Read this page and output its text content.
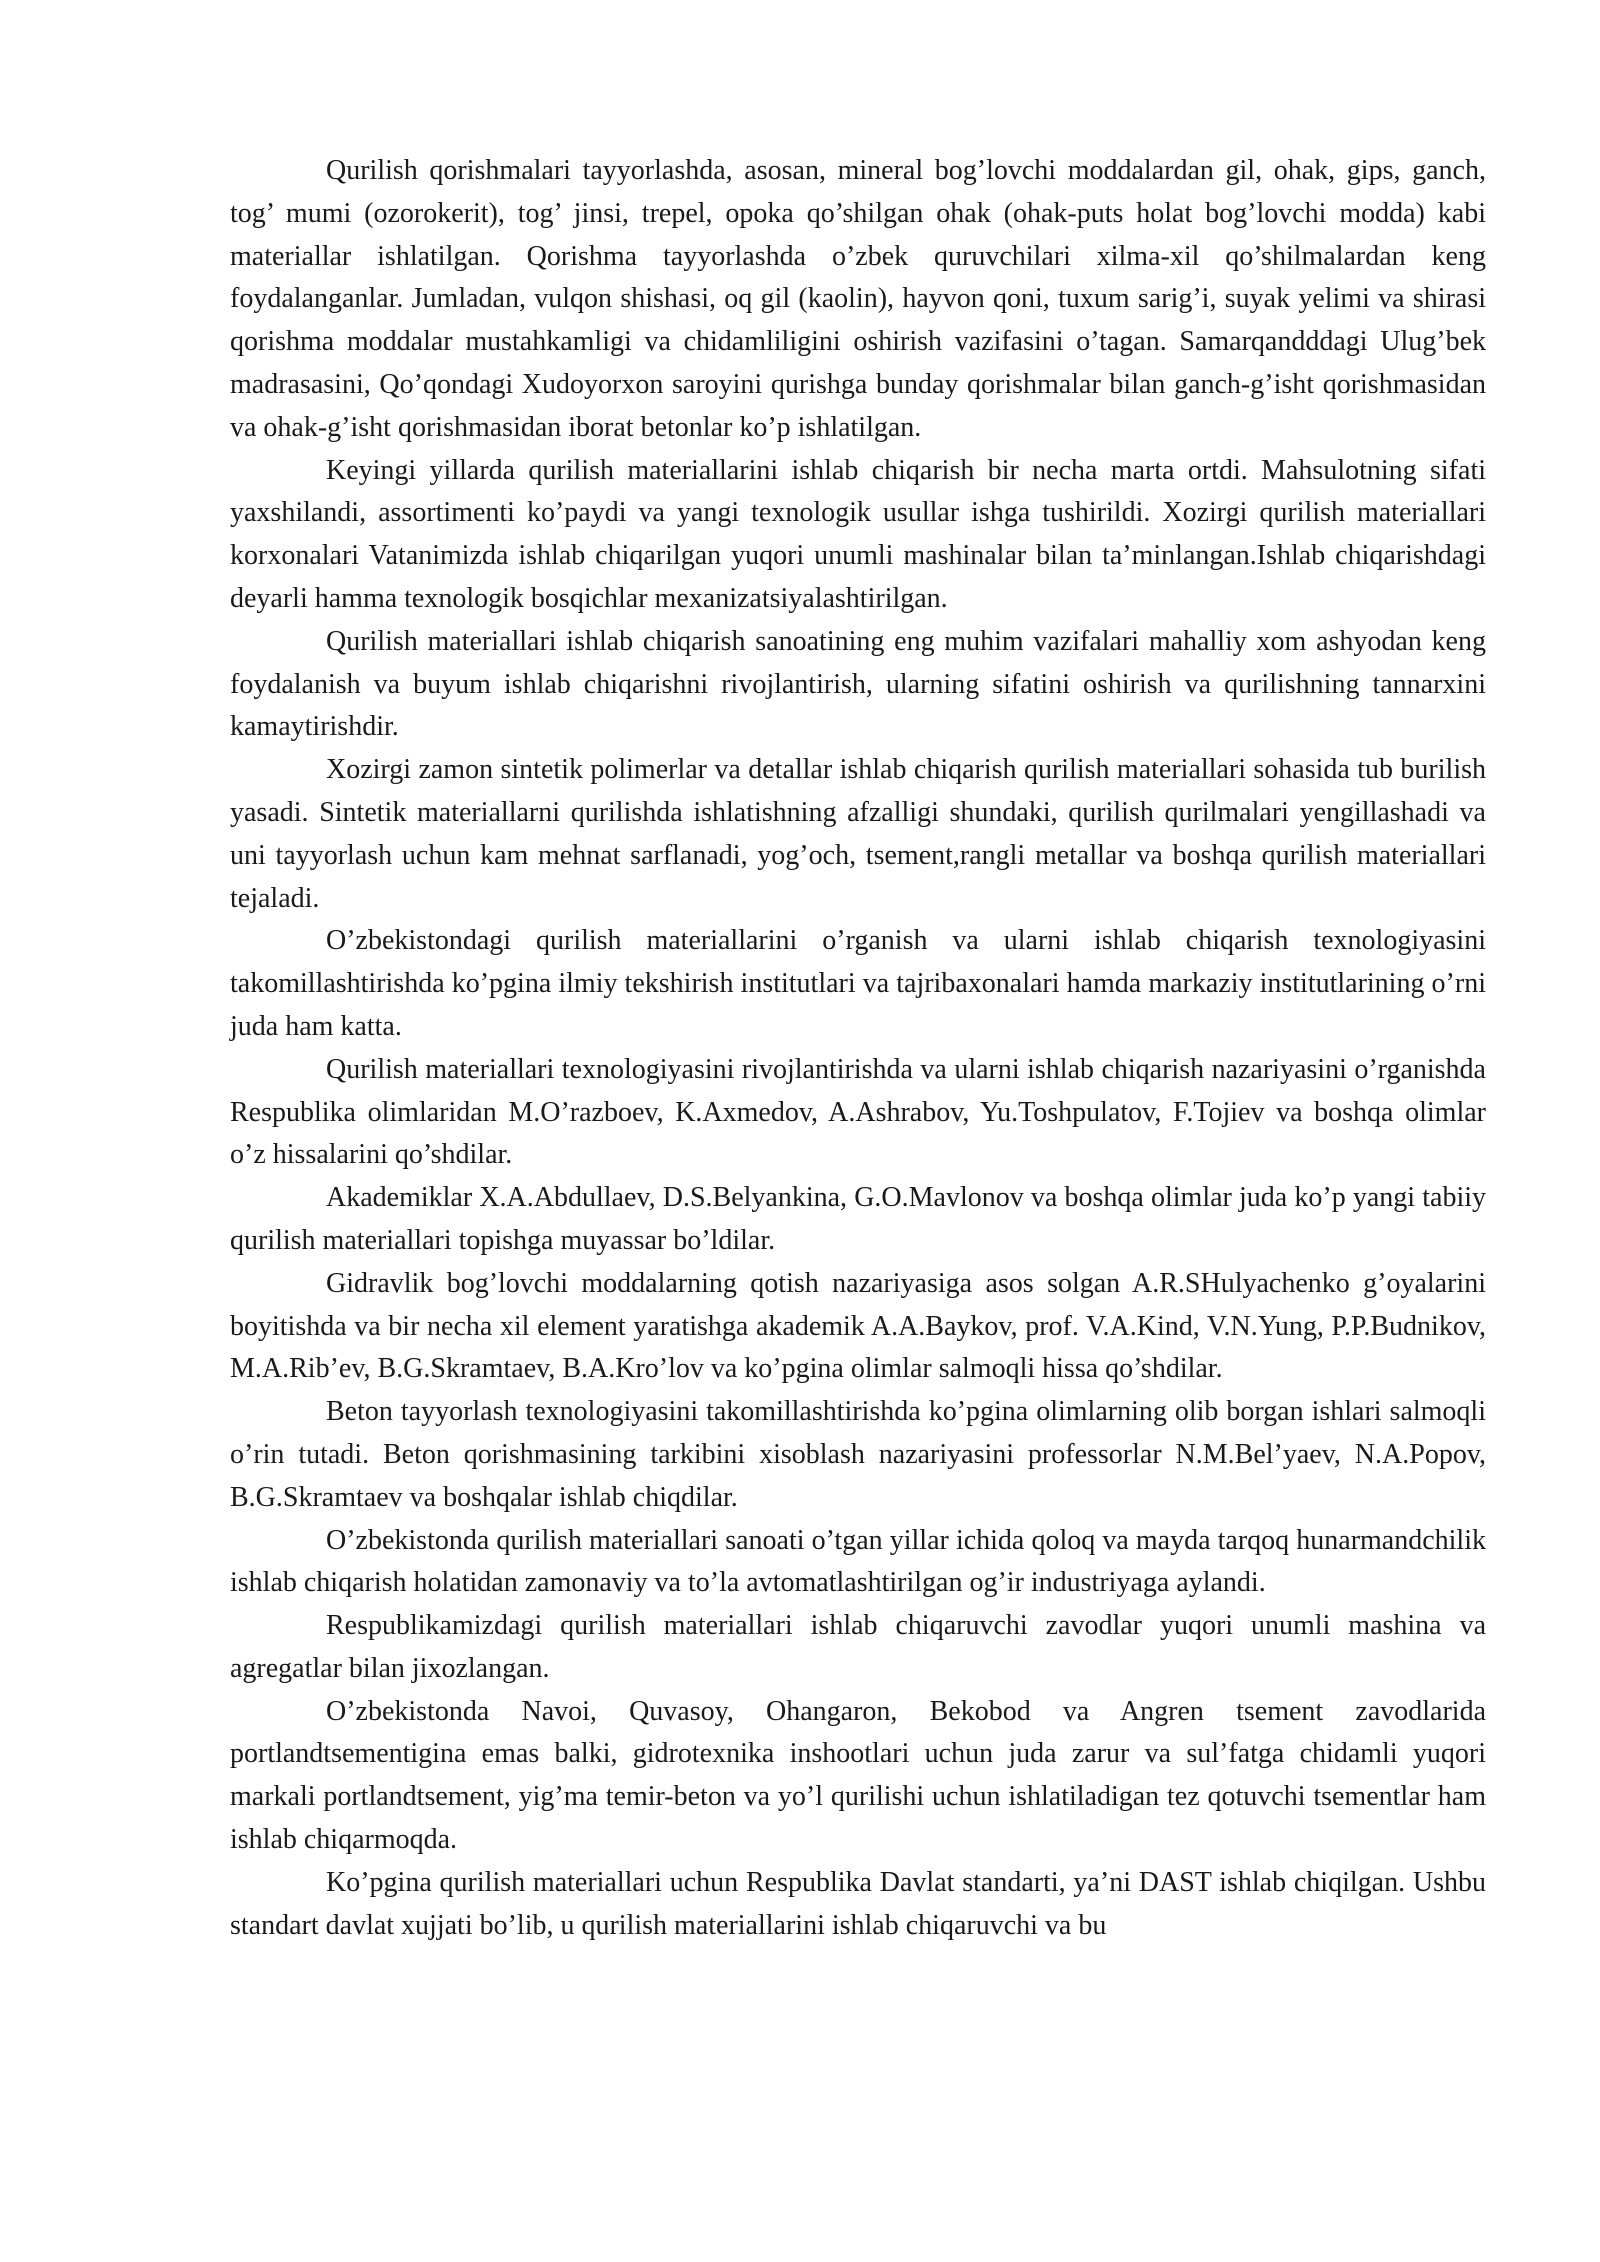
Qurilish qorishmalari tayyorlashda, asosan, mineral bog’lovchi moddalardan gil, ohak, gips, ganch, tog’ mumi (ozorokerit), tog’ jinsi, trepel, opoka qo’shilgan ohak (ohak-puts holat bog’lovchi modda) kabi materiallar ishlatilgan. Qorishma tayyorlashda o’zbek quruvchilari xilma-xil qo’shilmalardan keng foydalanganlar. Jumladan, vulqon shishasi, oq gil (kaolin), hayvon qoni, tuxum sarig’i, suyak yelimi va shirasi qorishma moddalar mustahkamligi va chidamliligini oshirish vazifasini o’tagan. Samarqandddagi Ulug’bek madrasasini, Qo’qondagi Xudoyorxon saroyini qurishga bunday qorishmalar bilan ganch-g’isht qorishmasidan va ohak-g’isht qorishmasidan iborat betonlar ko’p ishlatilgan.

Keyingi yillarda qurilish materiallarini ishlab chiqarish bir necha marta ortdi. Mahsulotning sifati yaxshilandi, assortimenti ko’paydi va yangi texnologik usullar ishga tushirildi. Xozirgi qurilish materiallari korxonalari Vatanimizda ishlab chiqarilgan yuqori unumli mashinalar bilan ta’minlangan.Ishlab chiqarishdagi deyarli hamma texnologik bosqichlar mexanizatsiyalashtirilgan.

Qurilish materiallari ishlab chiqarish sanoatining eng muhim vazifalari mahalliy xom ashyodan keng foydalanish va buyum ishlab chiqarishni rivojlantirish, ularning sifatini oshirish va qurilishning tannarxini kamaytirishdir.

Xozirgi zamon sintetik polimerlar va detallar ishlab chiqarish qurilish materiallari sohasida tub burilish yasadi. Sintetik materiallarni qurilishda ishlatishning afzalligi shundaki, qurilish qurilmalari yengillashadi va uni tayyorlash uchun kam mehnat sarflanadi, yog’och, tsement,rangli metallar va boshqa qurilish materiallari tejaladi.

O’zbekistondagi qurilish materiallarini o’rganish va ularni ishlab chiqarish texnologiyasini takomillashtirishda ko’pgina ilmiy tekshirish institutlari va tajribaxonalari hamda markaziy institutlarining o’rni juda ham katta.

Qurilish materiallari texnologiyasini rivojlantirishda va ularni ishlab chiqarish nazariyasini o’rganishda Respublika olimlaridan M.O’razboev, K.Axmedov, A.Ashrabov, Yu.Toshpulatov, F.Tojiev va boshqa olimlar o’z hissalarini qo’shdilar.

Akademiklar X.A.Abdullaev, D.S.Belyankina, G.O.Mavlonov va boshqa olimlar juda ko’p yangi tabiiy qurilish materiallari topishga muyassar bo’ldilar.

Gidravlik bog’lovchi moddalarning qotish nazariyasiga asos solgan A.R.SHulyachenko g’oyalarini boyitishda va bir necha xil element yaratishga akademik A.A.Baykov, prof. V.A.Kind, V.N.Yung, P.P.Budnikov, M.A.Rib’ev, B.G.Skramtaev, B.A.Kro’lov va ko’pgina olimlar salmoqli hissa qo’shdilar.

Beton tayyorlash texnologiyasini takomillashtirishda ko’pgina olimlarning olib borgan ishlari salmoqli o’rin tutadi. Beton qorishmasining tarkibini xisoblash nazariyasini professorlar N.M.Bel’yaev, N.A.Popov, B.G.Skramtaev va boshqalar ishlab chiqdilar.

O’zbekistonda qurilish materiallari sanoati o’tgan yillar ichida qoloq va mayda tarqoq hunarmandchilik ishlab chiqarish holatidan zamonaviy va to’la avtomatlashtirilgan og’ir industriyaga aylandi.

Respublikamizdagi qurilish materiallari ishlab chiqaruvchi zavodlar yuqori unumli mashina va agregatlar bilan jixozlangan.

O’zbekistonda Navoi, Quvasoy, Ohangaron, Bekobod va Angren tsement zavodlarida portlandtsementigina emas balki, gidrotexnika inshootlari uchun juda zarur va sul’fatga chidamli yuqori markali portlandtsement, yig’ma temir-beton va yo’l qurilishi uchun ishlatiladigan tez qotuvchi tsementlar ham ishlab chiqarmoqda.

Ko’pgina qurilish materiallari uchun Respublika Davlat standarti, ya’ni DAST ishlab chiqilgan. Ushbu standart davlat xujjati bo’lib, u qurilish materiallarini ishlab chiqaruvchi va bu
